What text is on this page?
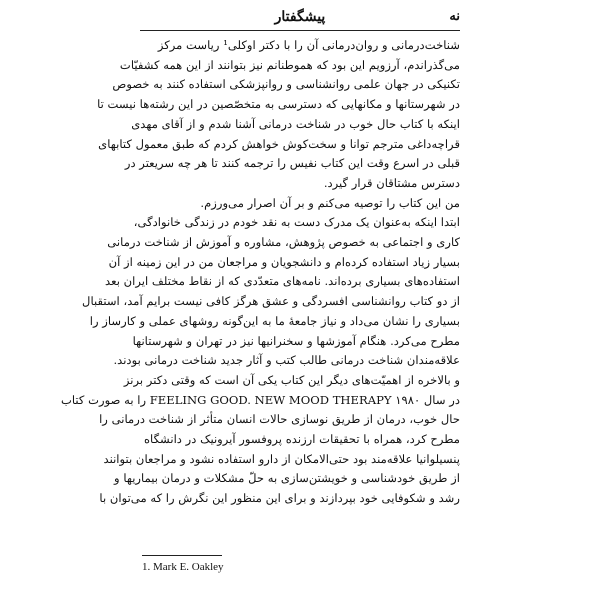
نه
پیشگفتار
شناخت‌درمانی و روان‌درمانی آن را با دکتر اوکلی¹ ریاست مرکز
می‌گذراندم، آرزویم این بود که هموطنانم نیز بتوانند از این همه کشفیّات
تکنیکی در جهان علمی روانشناسی و روانپزشکی استفاده کنند به خصوص
در شهرستانها و مکانهایی که دسترسی به متخصّصین در این رشته‌ها نیست تا
اینکه با کتاب حال خوب در شناخت درمانی آشنا شدم و از آقای مهدی
قراچه‌داغی مترجم توانا و سخت‌کوش خواهش کردم که طبق معمول کتابهای
قبلی در اسرع وقت این کتاب نفیس را ترجمه کنند تا هر چه سریعتر در
دسترس مشتاقان قرار گیرد.
من این کتاب را توصیه می‌کنم و بر آن اصرار می‌ورزم.
ابتدا اینکه به‌عنوان یک مدرک دست به نقد خودم در زندگی خانوادگی،
کاری و اجتماعی به خصوص پژوهش، مشاوره و آموزش از شناخت درمانی
بسیار زیاد استفاده کرده‌ام و دانشجویان و مراجعان من در این زمینه از آن
استفاده‌های بسیاری برده‌اند. نامه‌های متعدّدی که از نقاط مختلف ایران بعد
از دو کتاب روانشناسی افسردگی و عشق هرگز کافی نیست برایم آمد، استقبال
بسیاری را نشان می‌داد و نیاز جامعهٔ ما به این‌گونه روشهای عملی و کارساز را
مطرح می‌کرد. هنگام آموزشها و سخنرانیها نیز در تهران و شهرستانها
علاقه‌مندان شناخت درمانی طالب کتب و آثار جدید شناخت درمانی بودند.
و بالاخره از اهمیّت‌های دیگر این کتاب یکی آن است که وقتی دکتر برنز
در سال ۱۹۸۰ FEELING GOOD. NEW MOOD THERAPY را به صورت کتاب
حال خوب، درمان از طریق نوسازی حالات انسان متأثر از شناخت درمانی را
مطرح کرد، همراه با تحقیقات ارزنده پروفسور آیرونیک در دانشگاه
پنسیلوانیا علاقه‌مند بود حتی‌الامکان از دارو استفاده نشود و مراجعان بتوانند
از طریق خودشناسی و خویشتن‌سازی به حلّ مشکلات و درمان بیماریها و
رشد و شکوفایی خود بپردازند و برای این منظور این نگرش را که می‌توان با
1. Mark E. Oakley
